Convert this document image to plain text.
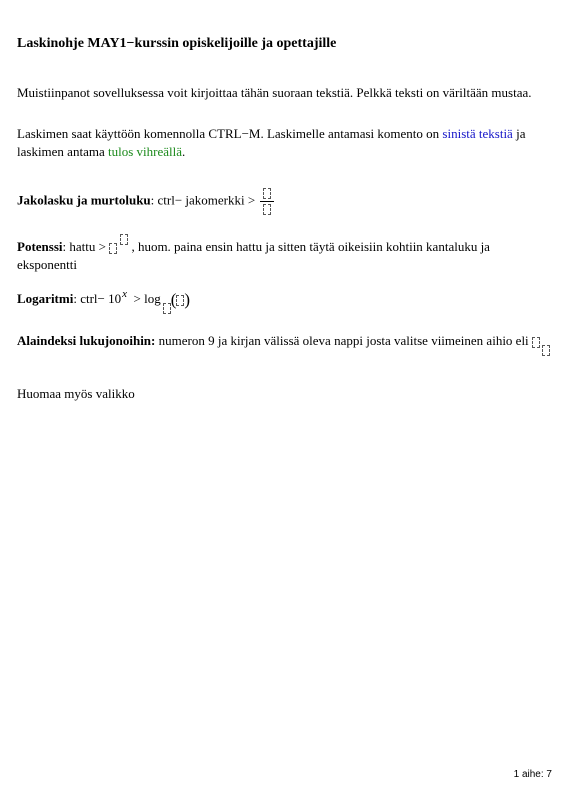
Laskinohje MAY1−kurssin opiskelijoille ja opettajille
Muistiinpanot sovelluksessa voit kirjoittaa tähän suoraan tekstiä. Pelkkä teksti on väriltään mustaa.
Laskimen saat käyttöön komennolla CTRL−M. Laskimelle antamasi komento on sinistä tekstiä ja laskimen antama tulos vihreällä.
Jakolasku ja murtoluku: ctrl− jakomerkki >
Potenssi: hattu >  , huom. paina ensin hattu ja sitten täytä oikeisiin kohtiin kantaluku ja eksponentti
Logaritmi: ctrl− $10^x > \log$ ( )
Alaindeksi lukujonoihin: numeron 9 ja kirjan välissä oleva nappi josta valitse viimeinen aihio eli
Huomaa myös valikko
1 aihe: 7
